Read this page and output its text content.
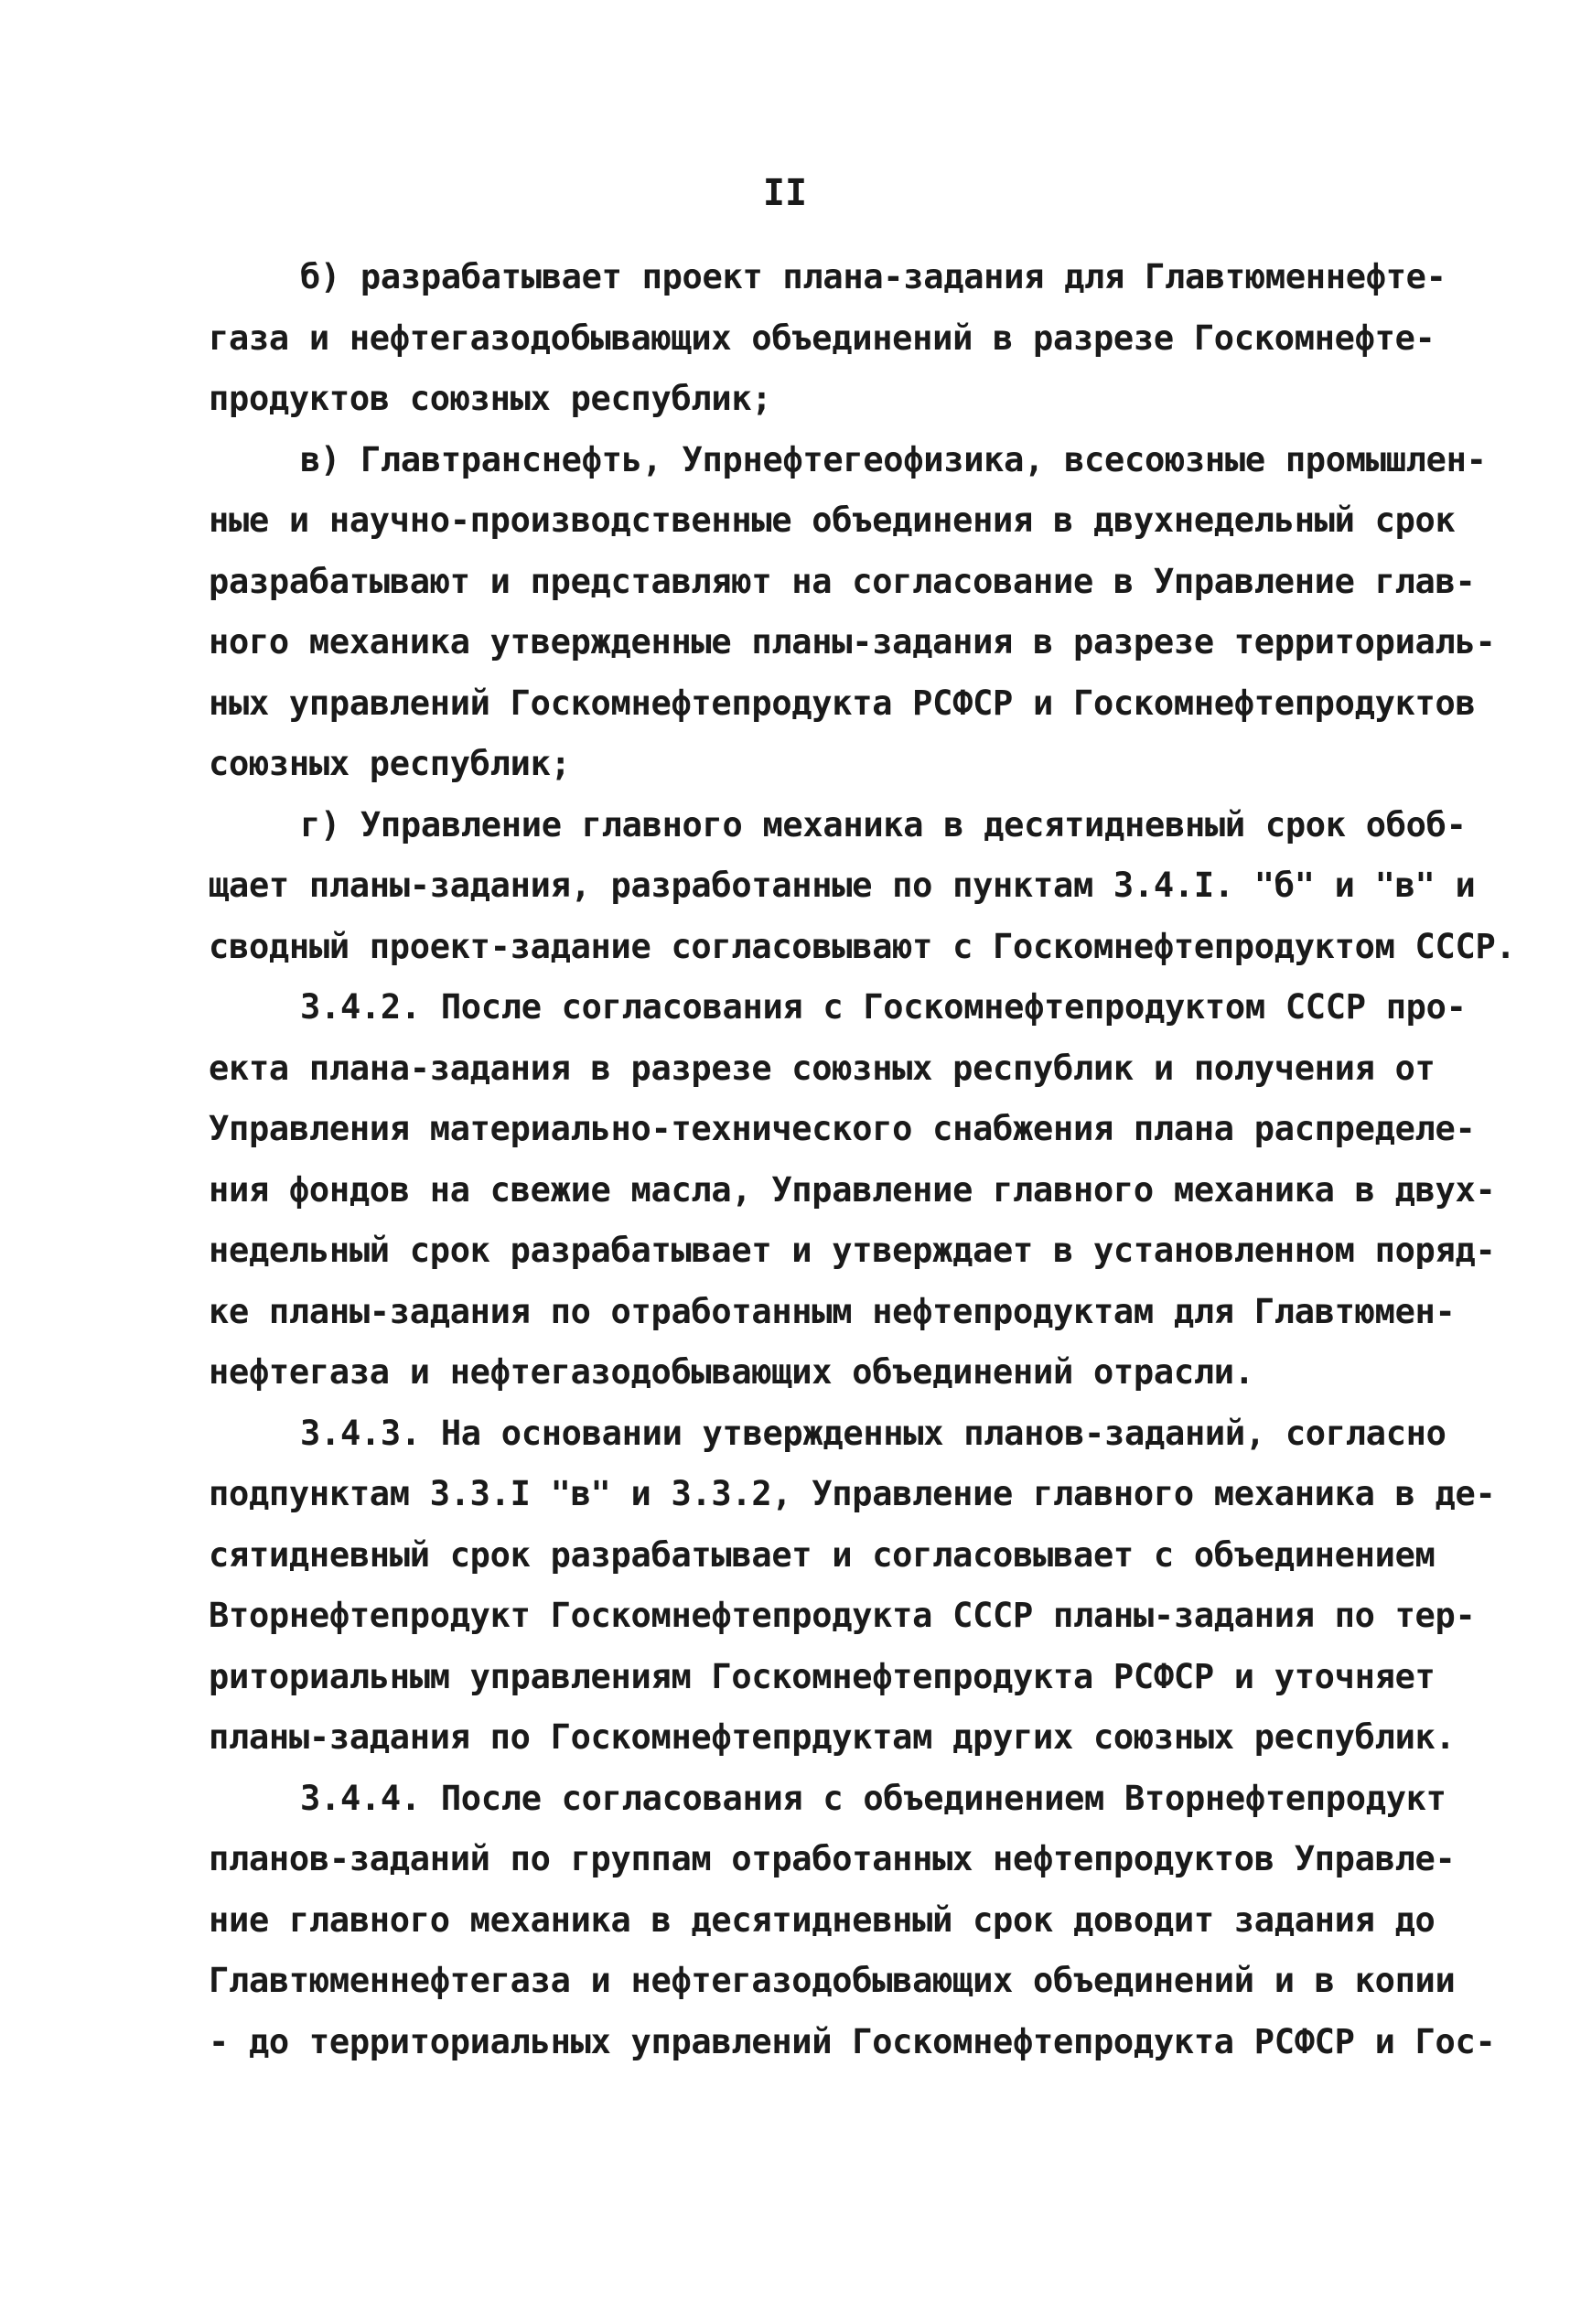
II
б) разрабатывает проект плана-задания для Главтюменнефте-
газа и нефтегазодобывающих объединений в разрезе Госкомнефте-
продуктов союзных республик;
в) Главтранснефть, Упрнефтегеофизика, всесоюзные промышлен-
ные и научно-производственные объединения в двухнедельный срок
разрабатывают и представляют на согласование в Управление глав-
ного механика утвержденные планы-задания в разрезе территориаль-
ных управлений Госкомнефтепродукта РСФСР и Госкомнефтепродуктов
союзных республик;
г) Управление главного механика в десятидневный срок обоб-
щает планы-задания, разработанные по пунктам 3.4.I. "б" и "в" и
сводный проект-задание согласовывают с Госкомнефтепродуктом СССР.
3.4.2. После согласования с Госкомнефтепродуктом СССР про-
екта плана-задания в разрезе союзных республик и получения от
Управления материально-технического снабжения плана распределе-
ния фондов на свежие масла, Управление главного механика в двух-
недельный срок разрабатывает и утверждает в установленном поряд-
ке планы-задания по отработанным нефтепродуктам для Главтюмен-
нефтегаза и нефтегазодобывающих объединений отрасли.
3.4.3. На основании утвержденных планов-заданий, согласно
подпунктам 3.3.I "в" и 3.3.2, Управление главного механика в де-
сятидневный срок разрабатывает и согласовывает с объединением
Вторнефтепродукт Госкомнефтепродукта СССР планы-задания по тер-
риториальным управлениям Госкомнефтепродукта РСФСР и уточняет
планы-задания по Госкомнефтепрдуктам других союзных республик.
3.4.4. После согласования с объединением Вторнефтепродукт
планов-заданий по группам отработанных нефтепродуктов Управле-
ние главного механика в десятидневный срок доводит задания до
Главтюменнефтегаза и нефтегазодобывающих объединений и в копии
- до территориальных управлений Госкомнефтепродукта РСФСР и Гос-
